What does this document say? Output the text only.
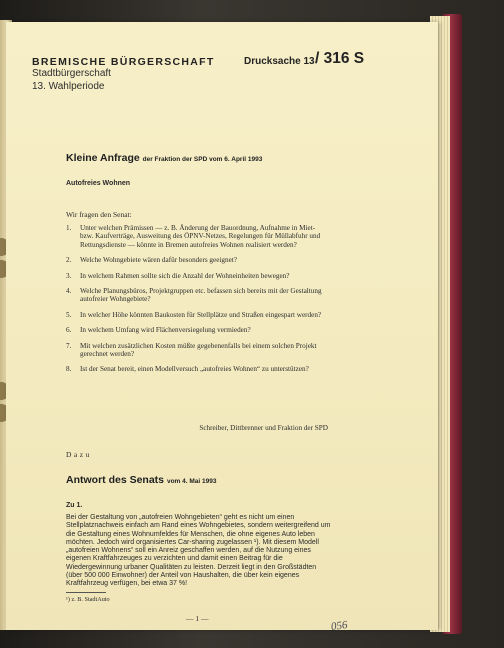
BREMISCHE BÜRGERSCHAFT
Stadtbürgerschaft
13. Wahlperiode
Drucksache 13 / 316 S
Kleine Anfrage der Fraktion der SPD vom 6. April 1993
Autofreies Wohnen
Wir fragen den Senat:
1. Unter welchen Prämissen — z. B. Änderung der Bauordnung, Aufnahme in Miet- bzw. Kaufverträge, Ausweitung des ÖPNV-Netzes, Regelungen für Müllabfuhr und Rettungsdienste — könnte in Bremen autofreies Wohnen realisiert werden?
2. Welche Wohngebiete wären dafür besonders geeignet?
3. In welchem Rahmen sollte sich die Anzahl der Wohneinheiten bewegen?
4. Welche Planungsbüros, Projektgruppen etc. befassen sich bereits mit der Gestaltung autofreier Wohngebiete?
5. In welcher Höhe könnten Baukosten für Stellplätze und Straßen eingespart werden?
6. In welchem Umfang wird Flächenversiegelung vermieden?
7. Mit welchen zusätzlichen Kosten müßte gegebenenfalls bei einem solchen Projekt gerechnet werden?
8. Ist der Senat bereit, einen Modellversuch „autofreies Wohnen“ zu unterstützen?
Schreiber, Dittbrenner und Fraktion der SPD
Dazu
Antwort des Senats vom 4. Mai 1993
Zu 1.
Bei der Gestaltung von „autofreien Wohngebieten“ geht es nicht um einen Stellplatznachweis einfach am Rand eines Wohngebietes, sondern weitergreifend um die Gestaltung eines Wohnumfeldes für Menschen, die ohne eigenes Auto leben möchten. Jedoch wird organisiertes Car-sharing zugelassen ¹). Mit diesem Modell „autofreien Wohnens“ soll ein Anreiz geschaffen werden, auf die Nutzung eines eigenen Kraftfahrzeuges zu verzichten und damit einen Beitrag für die Wiedergewinnung urbaner Qualitäten zu leisten. Derzeit liegt in den Großstädten (über 500 000 Einwohner) der Anteil von Haushalten, die über kein eigenes Kraftfahrzeug verfügen, bei etwa 37 %!
¹) z. B. StadtAuto
— 1 —
056
